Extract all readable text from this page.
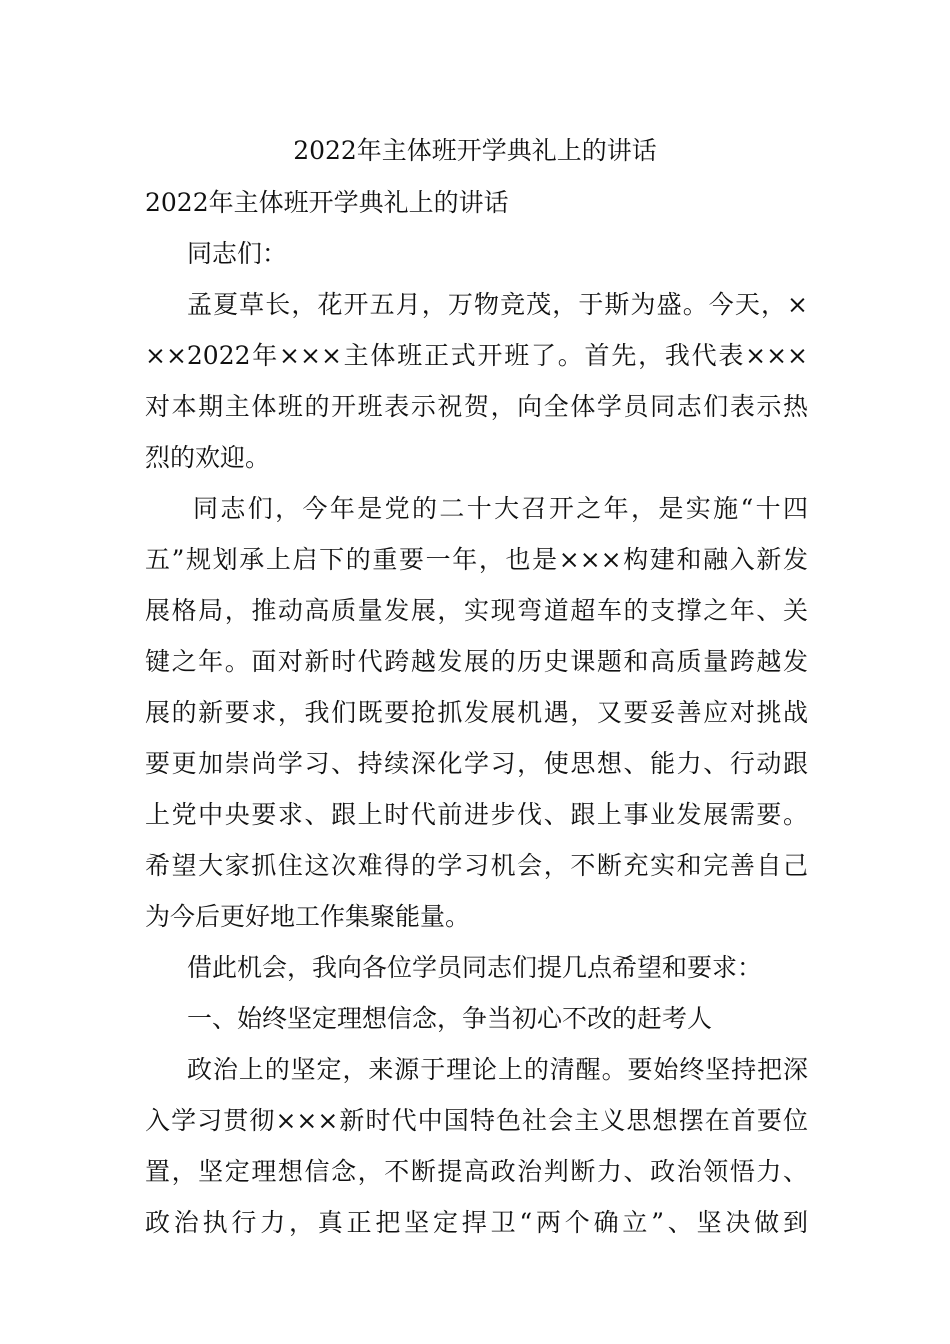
2022年主体班开学典礼上的讲话
2022年主体班开学典礼上的讲话
同志们：
孟夏草长，花开五月，万物竞茂，于斯为盛。今天，×
××2022年×××主体班正式开班了。首先，我代表×××
对本期主体班的开班表示祝贺，向全体学员同志们表示热
烈的欢迎。
同志们，今年是党的二十大召开之年，是实施“十四
五”规划承上启下的重要一年，也是×××构建和融入新发
展格局，推动高质量发展，实现弯道超车的支撑之年、关
键之年。面对新时代跨越发展的历史课题和高质量跨越发
展的新要求，我们既要抢抓发展机遇，又要妥善应对挑战
要更加崇尚学习、持续深化学习，使思想、能力、行动跟
上党中央要求、跟上时代前进步伐、跟上事业发展需要。
希望大家抓住这次难得的学习机会，不断充实和完善自己
为今后更好地工作集聚能量。
借此机会，我向各位学员同志们提几点希望和要求：
一、始终坚定理想信念，争当初心不改的赶考人
政治上的坚定，来源于理论上的清醒。要始终坚持把深
入学习贯彻×××新时代中国特色社会主义思想摆在首要位
置，坚定理想信念，不断提高政治判断力、政治领悟力、
政治执行力，真正把坚定捍卫“两个确立”、坚决做到
